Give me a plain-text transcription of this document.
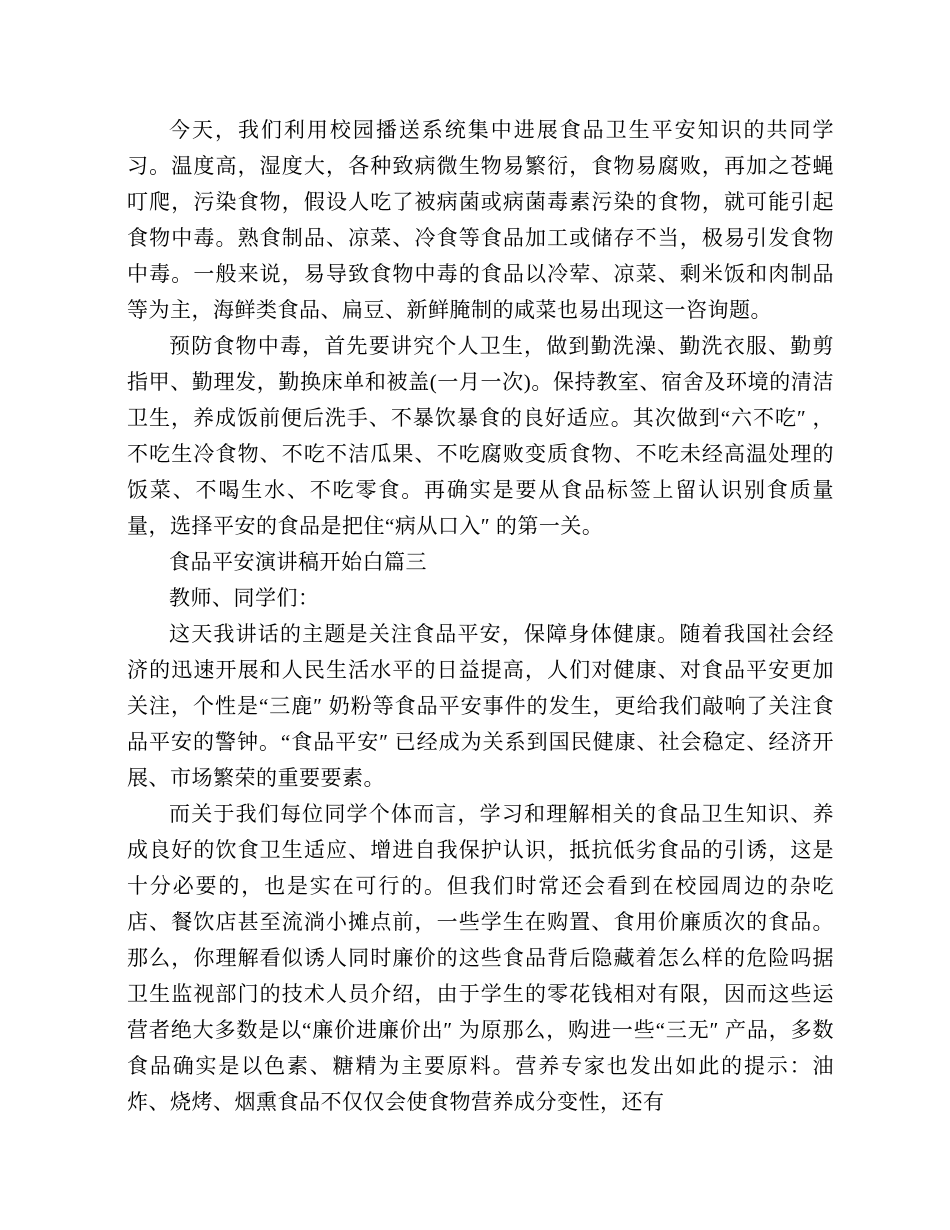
今天，我们利用校园播送系统集中进展食品卫生平安知识的共同学习。温度高，湿度大，各种致病微生物易繁衍，食物易腐败，再加之苍蝇叮爬，污染食物，假设人吃了被病菌或病菌毒素污染的食物，就可能引起食物中毒。熟食制品、凉菜、冷食等食品加工或储存不当，极易引发食物中毒。一般来说，易导致食物中毒的食品以冷荤、凉菜、剩米饭和肉制品等为主，海鲜类食品、扁豆、新鲜腌制的咸菜也易出现这一咨询题。

预防食物中毒，首先要讲究个人卫生，做到勤洗澡、勤洗衣服、勤剪指甲、勤理发，勤换床单和被盖(一月一次)。保持教室、宿舍及环境的清洁卫生，养成饭前便后洗手、不暴饮暴食的良好适应。其次做到“六不吃″ ，不吃生冷食物、不吃不洁瓜果、不吃腐败变质食物、不吃未经高温处理的饭菜、不喝生水、不吃零食。再确实是要从食品标签上留认识别食质量量，选择平安的食品是把住“病从口入″ 的第一关。

食品平安演讲稿开始白篇三

教师、同学们：

这天我讲话的主题是关注食品平安，保障身体健康。随着我国社会经济的迅速开展和人民生活水平的日益提高，人们对健康、对食品平安更加关注，个性是“三鹿″ 奶粉等食品平安事件的发生，更给我们敲响了关注食品平安的警钟。“食品平安″ 已经成为关系到国民健康、社会稳定、经济开展、市场繁荣的重要要素。

而关于我们每位同学个体而言，学习和理解相关的食品卫生知识、养成良好的饮食卫生适应、增进自我保护认识，抵抗低劣食品的引诱，这是十分必要的，也是实在可行的。但我们时常还会看到在校园周边的杂吃店、餐饮店甚至流淌小摊点前，一些学生在购置、食用价廉质次的食品。那么，你理解看似诱人同时廉价的这些食品背后隐藏着怎么样的危险吗据卫生监视部门的技术人员介绍，由于学生的零花钱相对有限，因而这些运营者绝大多数是以“廉价进廉价出″ 为原那么，购进一些“三无″ 产品，多数食品确实是以色素、糖精为主要原料。营养专家也发出如此的提示：油炸、烧烤、烟熏食品不仅仅会使食物营养成分变性，还有
